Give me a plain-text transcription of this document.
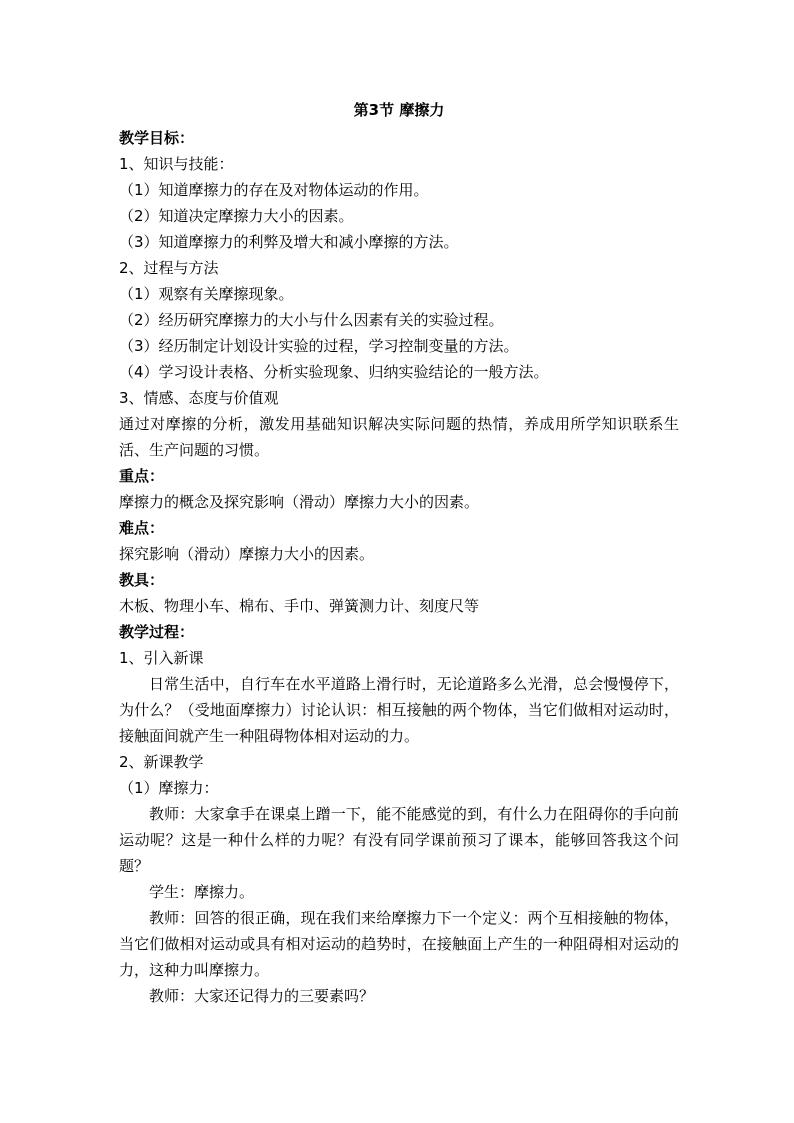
第3节 摩擦力
教学目标：
1、知识与技能：
（1）知道摩擦力的存在及对物体运动的作用。
（2）知道决定摩擦力大小的因素。
（3）知道摩擦力的利弊及增大和减小摩擦的方法。
2、过程与方法
（1）观察有关摩擦现象。
（2）经历研究摩擦力的大小与什么因素有关的实验过程。
（3）经历制定计划设计实验的过程，学习控制变量的方法。
（4）学习设计表格、分析实验现象、归纳实验结论的一般方法。
3、情感、态度与价值观
通过对摩擦的分析，激发用基础知识解决实际问题的热情，养成用所学知识联系生活、生产问题的习惯。
重点：
摩擦力的概念及探究影响（滑动）摩擦力大小的因素。
难点：
探究影响（滑动）摩擦力大小的因素。
教具：
木板、物理小车、棉布、手巾、弹簧测力计、刻度尺等
教学过程：
1、引入新课
日常生活中，自行车在水平道路上滑行时，无论道路多么光滑，总会慢慢停下，为什么？（受地面摩擦力）讨论认识：相互接触的两个物体，当它们做相对运动时，接触面间就产生一种阻碍物体相对运动的力。
2、新课教学
（1）摩擦力：
教师：大家拿手在课桌上蹭一下，能不能感觉的到，有什么力在阻碍你的手向前运动呢？这是一种什么样的力呢？有没有同学课前预习了课本，能够回答我这个问题？
学生：摩擦力。
教师：回答的很正确，现在我们来给摩擦力下一个定义：两个互相接触的物体，当它们做相对运动或具有相对运动的趋势时，在接触面上产生的一种阻碍相对运动的力，这种力叫摩擦力。
教师：大家还记得力的三要素吗？
